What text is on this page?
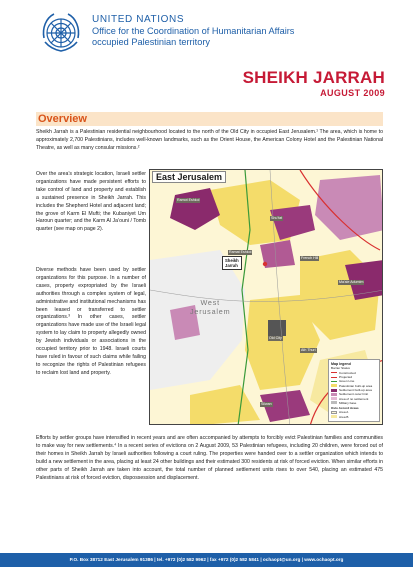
UNITED NATIONS
Office for the Coordination of Humanitarian Affairs
occupied Palestinian territory
SHEIKH JARRAH
AUGUST 2009
Overview
Sheikh Jarrah is a Palestinian residential neighbourhood located to the north of the Old City in occupied East Jerusalem.¹ The area, which is home to approximately 2,700 Palestinians, includes well-known landmarks, such as the Orient House, the American Colony Hotel and the Palestinian National Theatre, as well as many consular missions.²
Over the area’s strategic location, Israeli settler organizations have made persistent efforts to take control of land and property and establish a sustained presence in Sheikh Jarrah. This includes the Shepherd Hotel and adjacent land; the grove of Karm El Mufti; the Kubaniyet Um Haroun quarter; and the Karm Al Ja’ouni / Tomb quarter (see map on page 2).
Diverse methods have been used by settler organizations for this purpose. In a number of cases, property expropriated by the Israeli authorities through a complex system of legal, administrative and institutional mechanisms has been leased or transferred to settler organizations.³ In other cases, settler organizations have made use of the Israeli legal system to lay claim to property allegedly owned by Jewish individuals or associations in the occupied territory prior to 1948. Israeli courts have ruled in favour of such claims while failing to recognize the rights of Palestinian refugees to reclaim lost land and property.
East Jerusalem
Ramot Eshkol
Shu'fat
Ramat Eshkol
French Hill
Ma'ale Adumim
Old City
Ath Thuri
Silwan
Sheikh
Jarrah
West
Jerusalem
Map legend
Barrier Status
Constructed
Projected
Green Line
Palestinian built-up area
Settlement built-up area
Settlement outer limit
Area of no settlement
Military base
Oslo Accord Areas
Area A
Area B
Efforts by settler groups have intensified in recent years and are often accompanied by attempts to forcibly evict Palestinian families and communities to make way for new settlements.⁴ In a recent series of evictions on 2 August 2009, 53 Palestinian refugees, including 20 children, were forced out of their homes in Sheikh Jarrah by Israeli authorities following a court ruling. The properties were handed over to a settler organization which intends to build a new settlement in the area, placing at least 24 other buildings and their estimated 300 residents at risk of forced eviction. When similar efforts in other parts of Sheikh Jarrah are taken into account, the total number of planned settlement units rises to over 540, placing an estimated 475 Palestinians at risk of forced eviction, dispossession and displacement.
P.O. Box 38712 East Jerusalem 91386 | tel. +972 (0)2 582 9962 | fax +972 (0)2 582 5841 | ochaopt@un.org | www.ochaopt.org
